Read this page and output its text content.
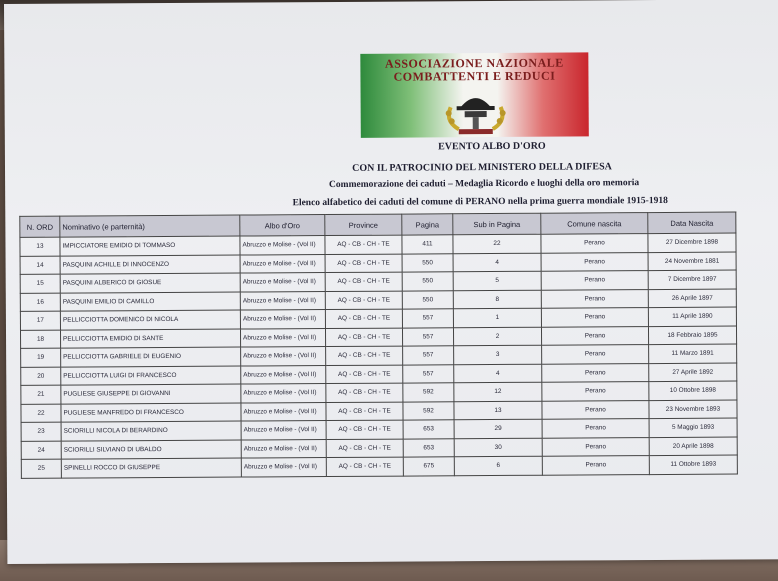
ASSOCIAZIONE NAZIONALE
COMBATTENTI E REDUCI
EVENTO ALBO D'ORO
CON IL PATROCINIO DEL MINISTERO DELLA DIFESA
Commemorazione dei caduti – Medaglia Ricordo e luoghi della oro memoria
Elenco alfabetico dei caduti del comune di PERANO nella prima guerra mondiale 1915-1918
N. ORD	Nominativo (e parternità)	Albo d'Oro	Province	Pagina	Sub in Pagina	Comune nascita	Data Nascita
13	IMPICCIATORE EMIDIO DI TOMMASO	Abruzzo e Molise - (Vol II)	AQ - CB - CH - TE	411	22	Perano	27 Dicembre 1898
14	PASQUINI ACHILLE DI INNOCENZO	Abruzzo e Molise - (Vol II)	AQ - CB - CH - TE	550	4	Perano	24 Novembre 1881
15	PASQUINI ALBERICO DI GIOSUE	Abruzzo e Molise - (Vol II)	AQ - CB - CH - TE	550	5	Perano	7 Dicembre 1897
16	PASQUINI EMILIO DI CAMILLO	Abruzzo e Molise - (Vol II)	AQ - CB - CH - TE	550	8	Perano	26 Aprile 1897
17	PELLICCIOTTA DOMENICO DI NICOLA	Abruzzo e Molise - (Vol II)	AQ - CB - CH - TE	557	1	Perano	11 Aprile 1890
18	PELLICCIOTTA EMIDIO DI SANTE	Abruzzo e Molise - (Vol II)	AQ - CB - CH - TE	557	2	Perano	18 Febbraio 1895
19	PELLICCIOTTA GABRIELE DI EUGENIO	Abruzzo e Molise - (Vol II)	AQ - CB - CH - TE	557	3	Perano	11 Marzo 1891
20	PELLICCIOTTA LUIGI DI FRANCESCO	Abruzzo e Molise - (Vol II)	AQ - CB - CH - TE	557	4	Perano	27 Aprile 1892
21	PUGLIESE GIUSEPPE DI GIOVANNI	Abruzzo e Molise - (Vol II)	AQ - CB - CH - TE	592	12	Perano	10 Ottobre 1898
22	PUGLIESE MANFREDO DI FRANCESCO	Abruzzo e Molise - (Vol II)	AQ - CB - CH - TE	592	13	Perano	23 Novembre 1893
23	SCIORILLI NICOLA DI BERARDINO	Abruzzo e Molise - (Vol II)	AQ - CB - CH - TE	653	29	Perano	5 Maggio 1893
24	SCIORILLI SILVIANO DI UBALDO	Abruzzo e Molise - (Vol II)	AQ - CB - CH - TE	653	30	Perano	20 Aprile 1898
25	SPINELLI ROCCO DI GIUSEPPE	Abruzzo e Molise - (Vol II)	AQ - CB - CH - TE	675	6	Perano	11 Ottobre 1893
